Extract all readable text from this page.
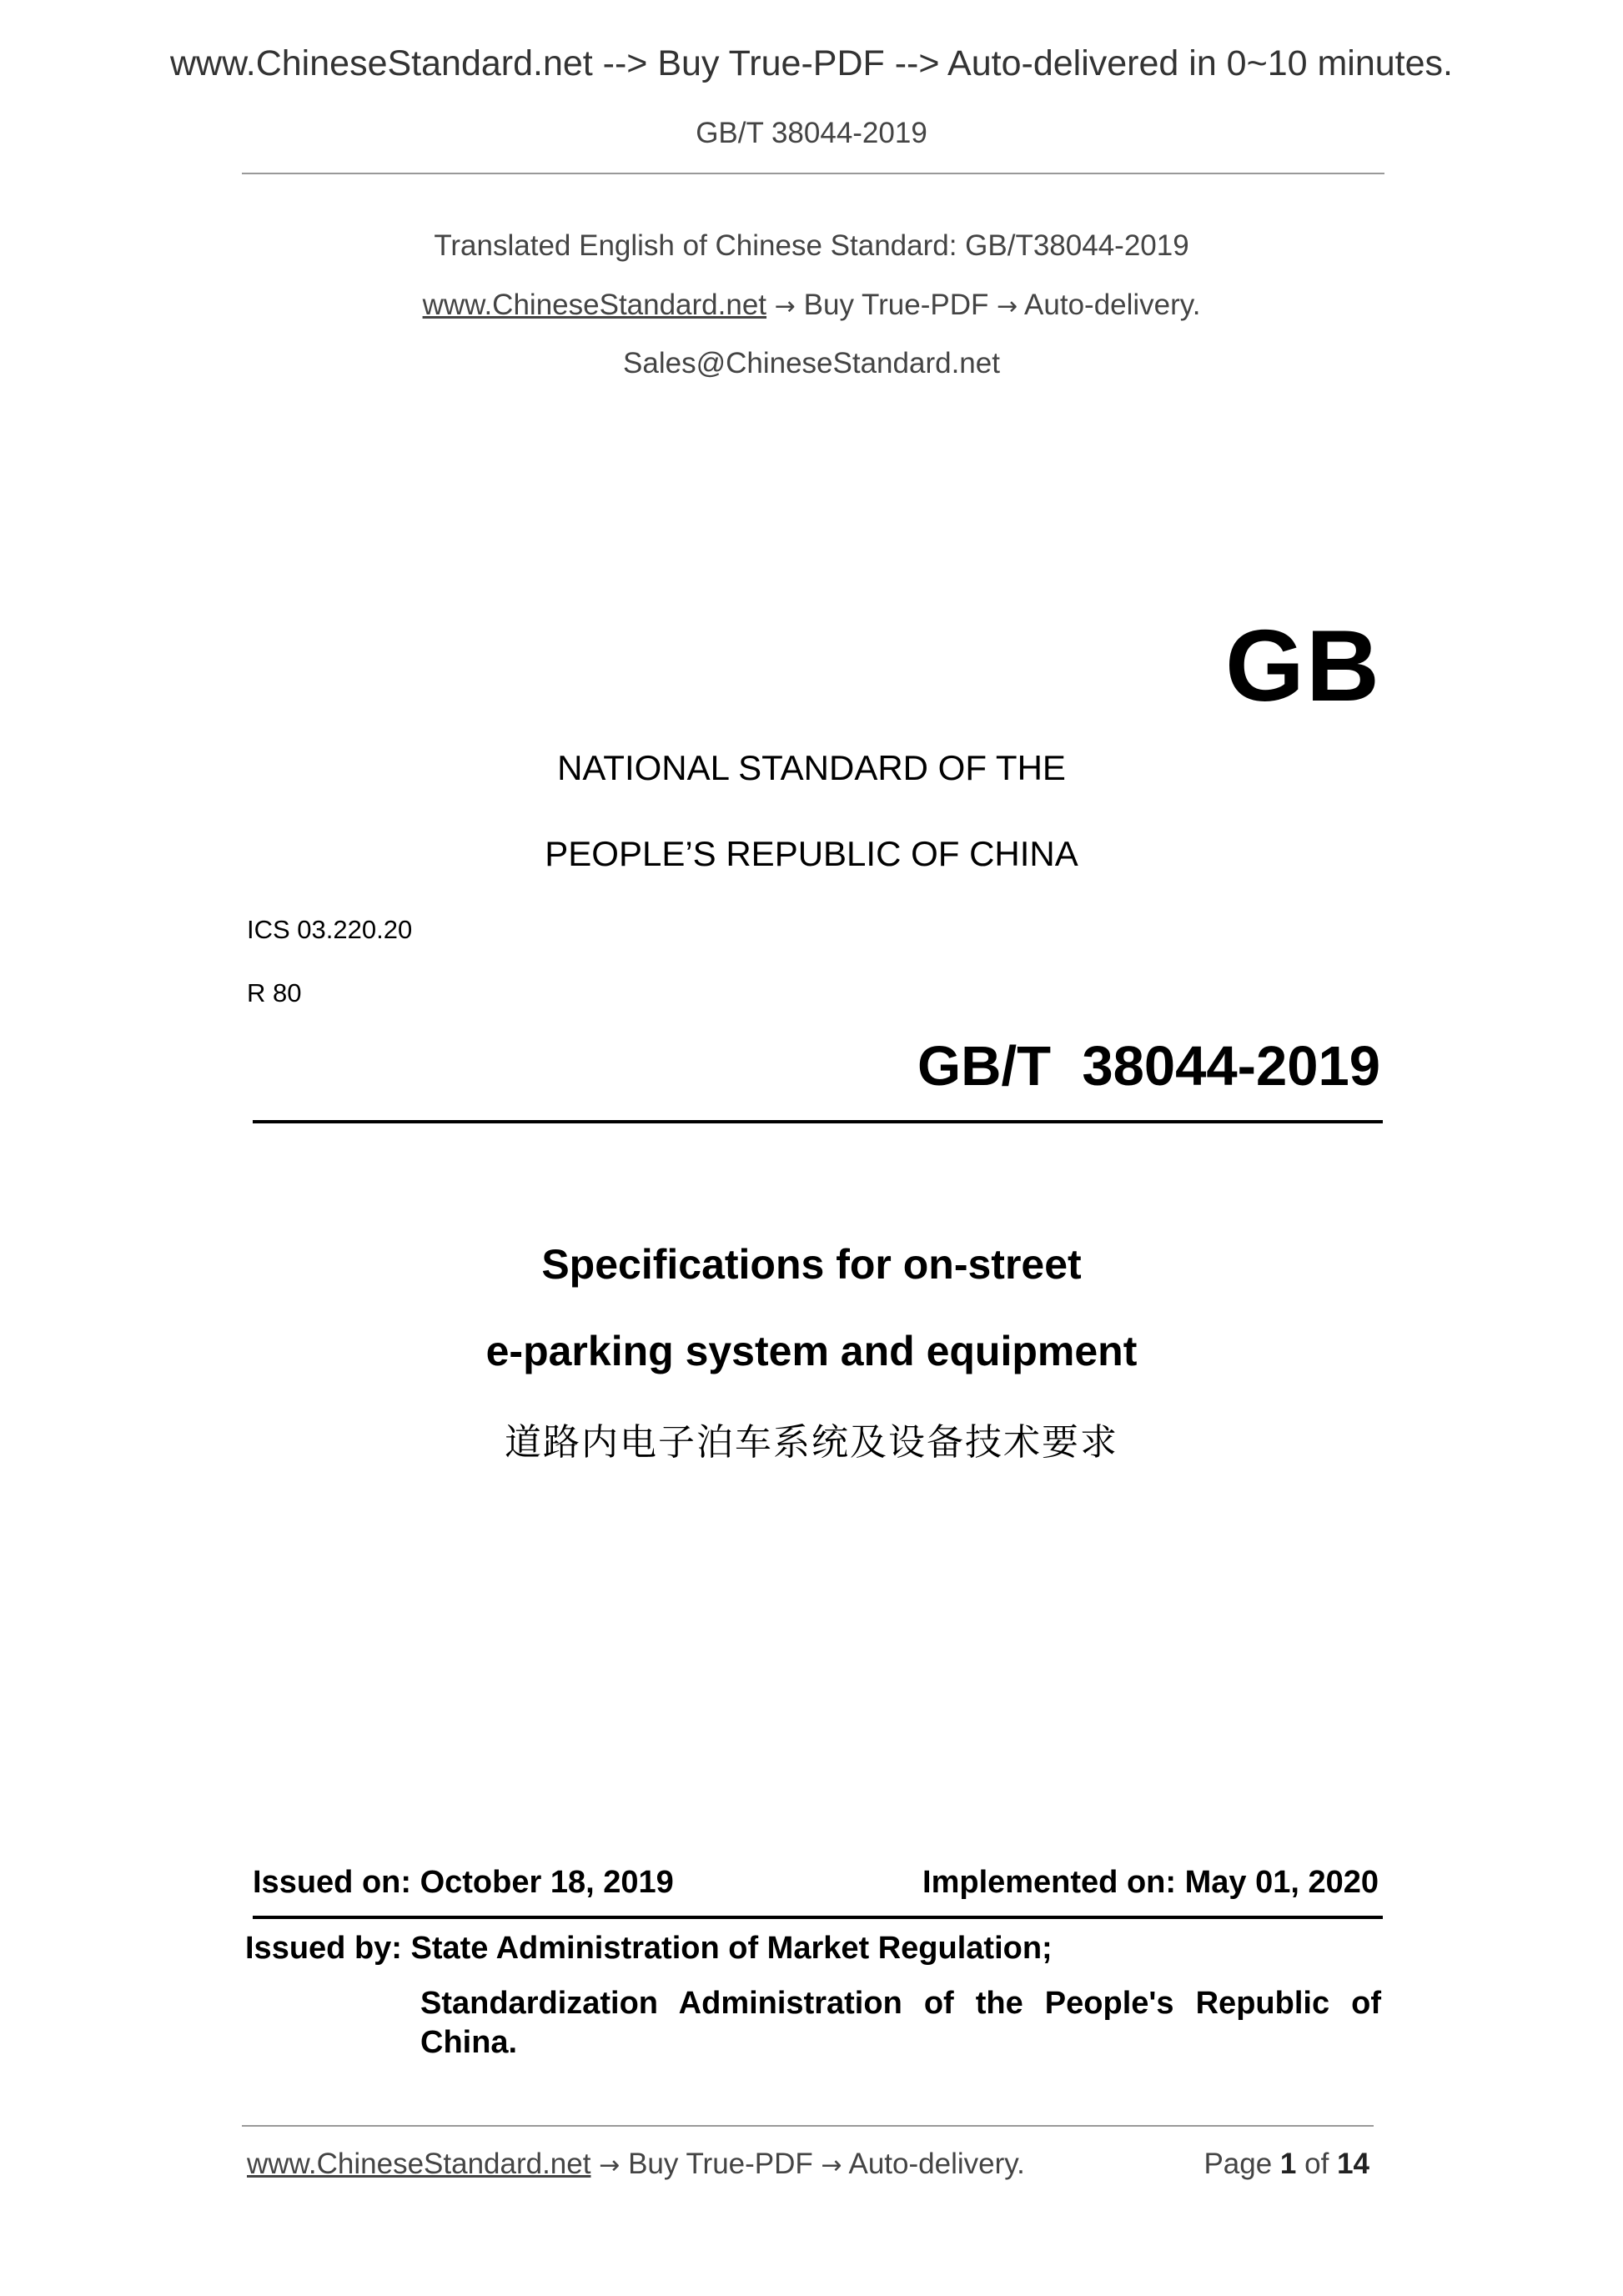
www.ChineseStandard.net --> Buy True-PDF --> Auto-delivered in 0~10 minutes.
GB/T 38044-2019
Translated English of Chinese Standard: GB/T38044-2019
www.ChineseStandard.net → Buy True-PDF → Auto-delivery.
Sales@ChineseStandard.net
GB
NATIONAL STANDARD OF THE
PEOPLE’S REPUBLIC OF CHINA
ICS 03.220.20
R 80
GB/T  38044-2019
Specifications for on-street
e-parking system and equipment
道路内电子泊车系统及设备技术要求
Issued on: October 18, 2019	Implemented on: May 01, 2020
Issued by: State Administration of Market Regulation;
Standardization Administration of the People's Republic of
China.
www.ChineseStandard.net → Buy True-PDF → Auto-delivery.	Page 1 of 14
